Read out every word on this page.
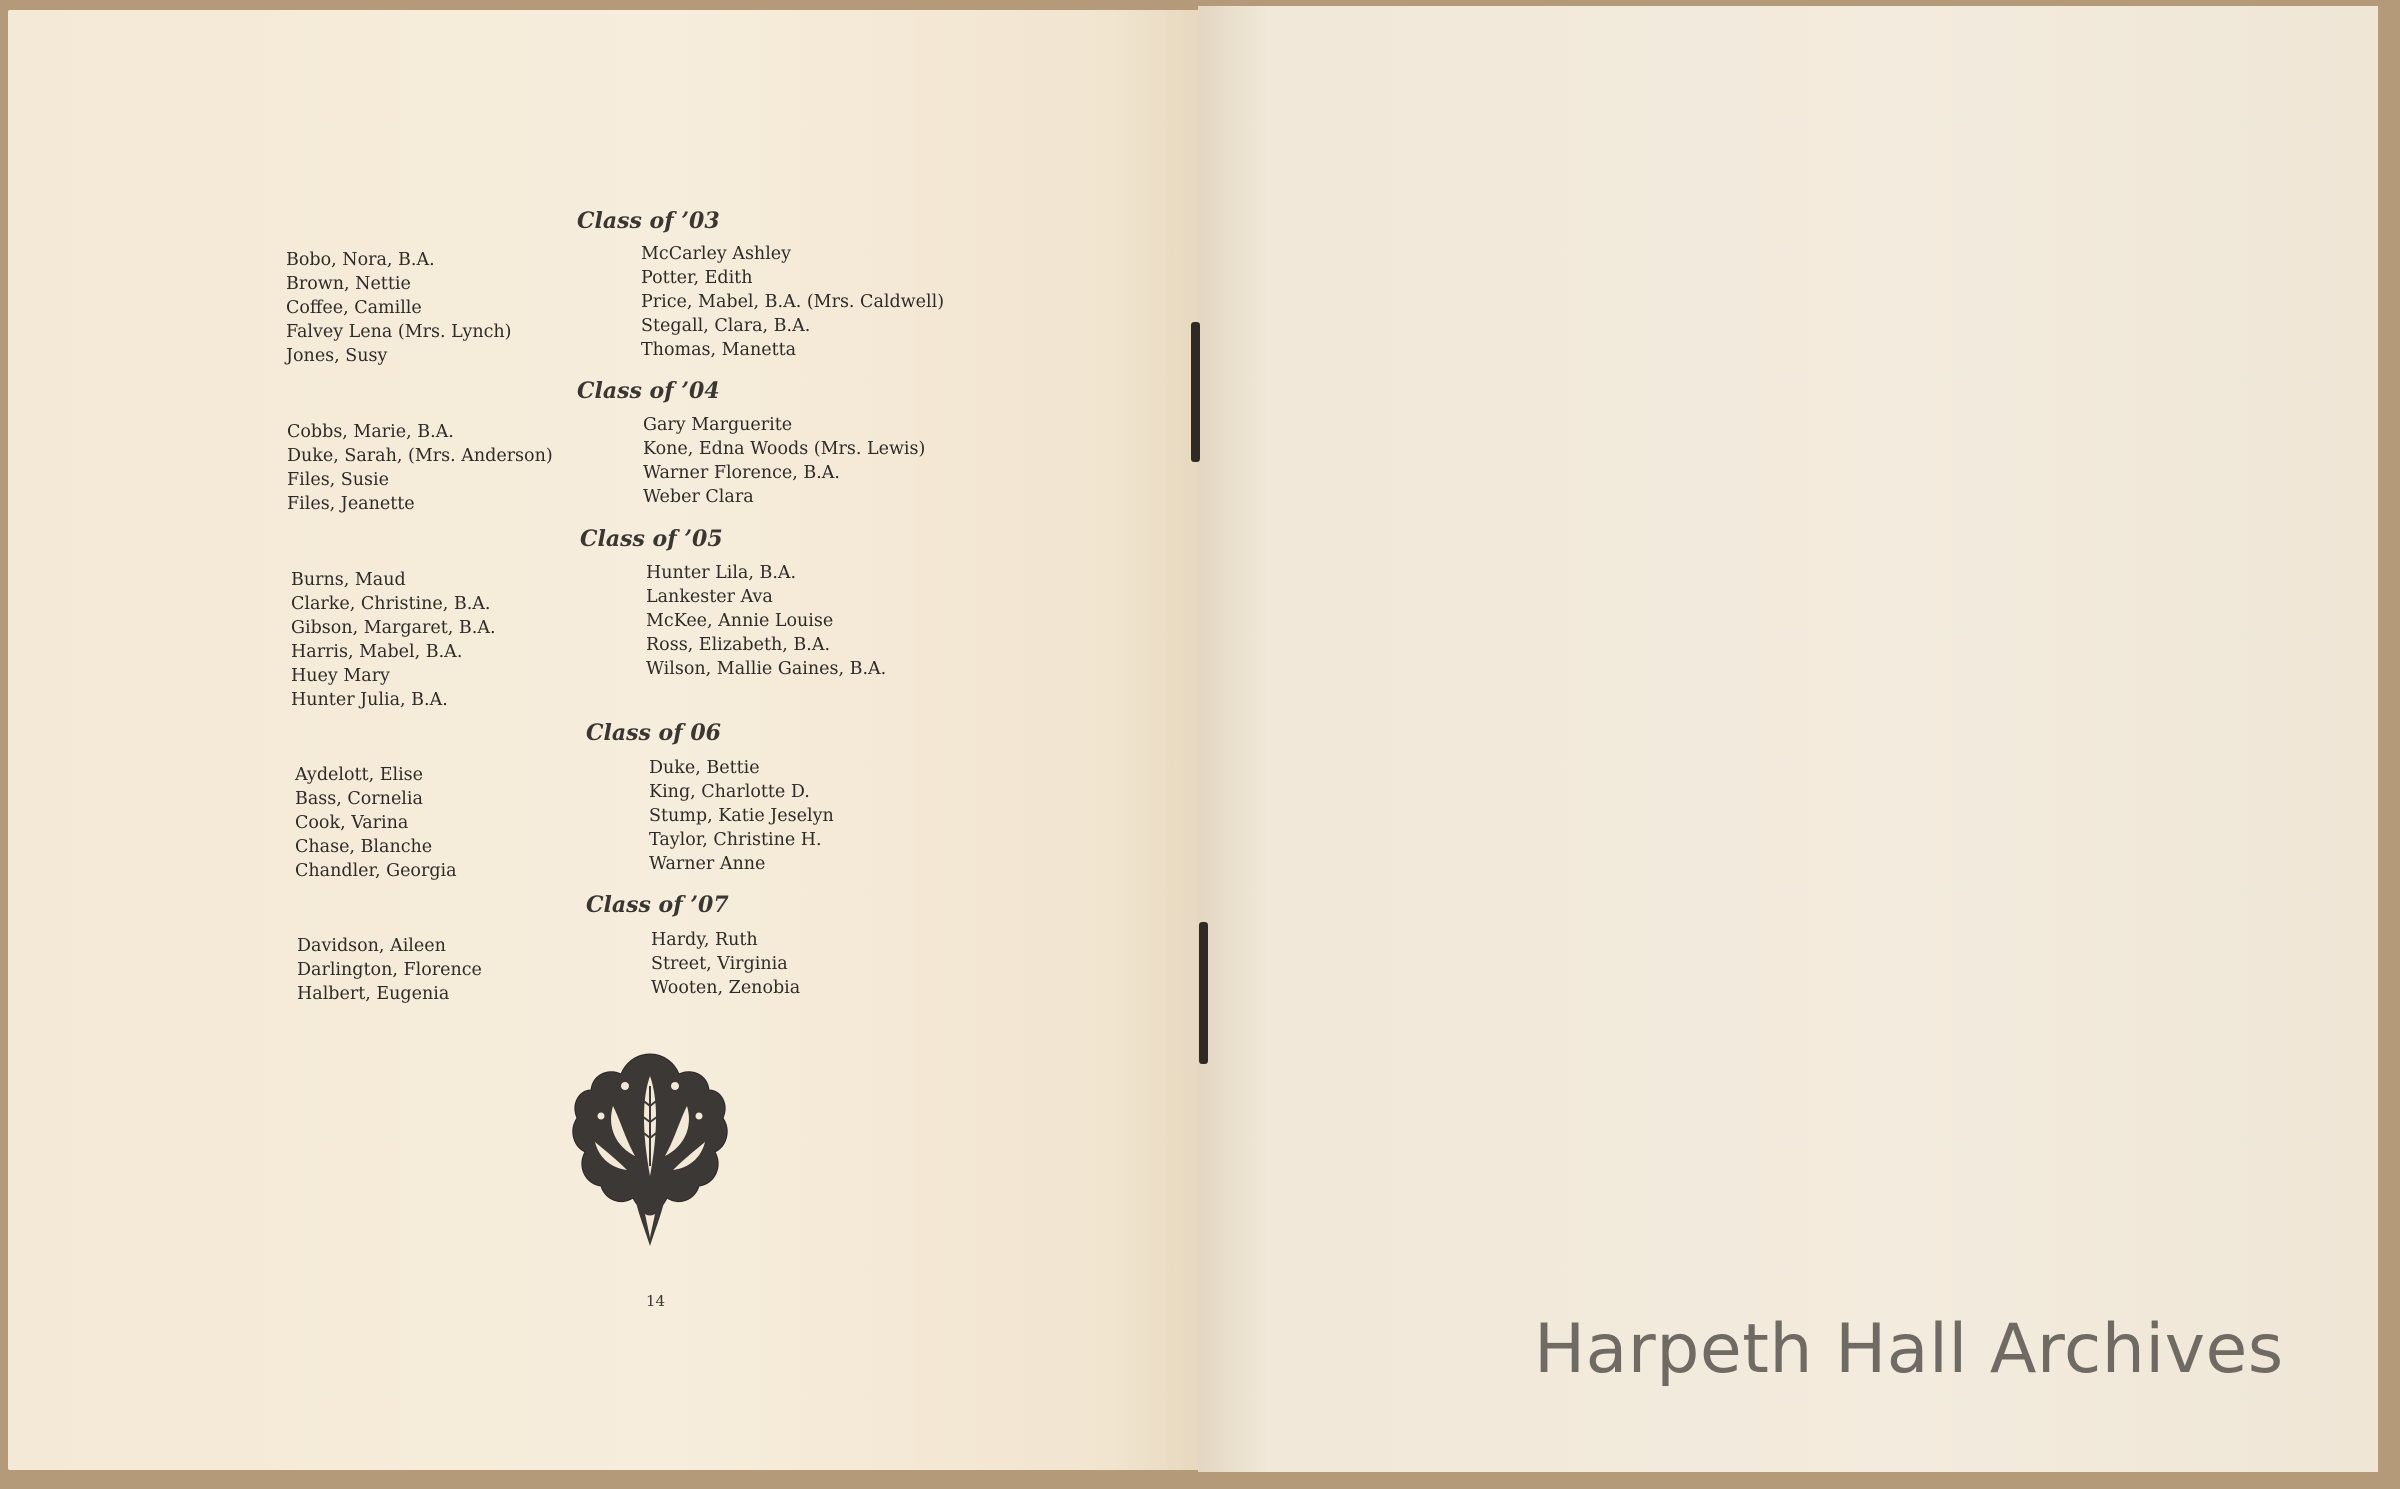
Class of ’03
Bobo, Nora, B.A.
Brown, Nettie
Coffee, Camille
Falvey Lena (Mrs. Lynch)
Jones, Susy
McCarley Ashley
Potter, Edith
Price, Mabel, B.A. (Mrs. Caldwell)
Stegall, Clara, B.A.
Thomas, Manetta
Class of ’04
Cobbs, Marie, B.A.
Duke, Sarah, (Mrs. Anderson)
Files, Susie
Files, Jeanette
Gary Marguerite
Kone, Edna Woods (Mrs. Lewis)
Warner Florence, B.A.
Weber Clara
Class of ’05
Burns, Maud
Clarke, Christine, B.A.
Gibson, Margaret, B.A.
Harris, Mabel, B.A.
Huey Mary
Hunter Julia, B.A.
Hunter Lila, B.A.
Lankester Ava
McKee, Annie Louise
Ross, Elizabeth, B.A.
Wilson, Mallie Gaines, B.A.
Class of 06
Aydelott, Elise
Bass, Cornelia
Cook, Varina
Chase, Blanche
Chandler, Georgia
Duke, Bettie
King, Charlotte D.
Stump, Katie Jeselyn
Taylor, Christine H.
Warner Anne
Class of ’07
Davidson, Aileen
Darlington, Florence
Halbert, Eugenia
Hardy, Ruth
Street, Virginia
Wooten, Zenobia
14
Harpeth Hall Archives
